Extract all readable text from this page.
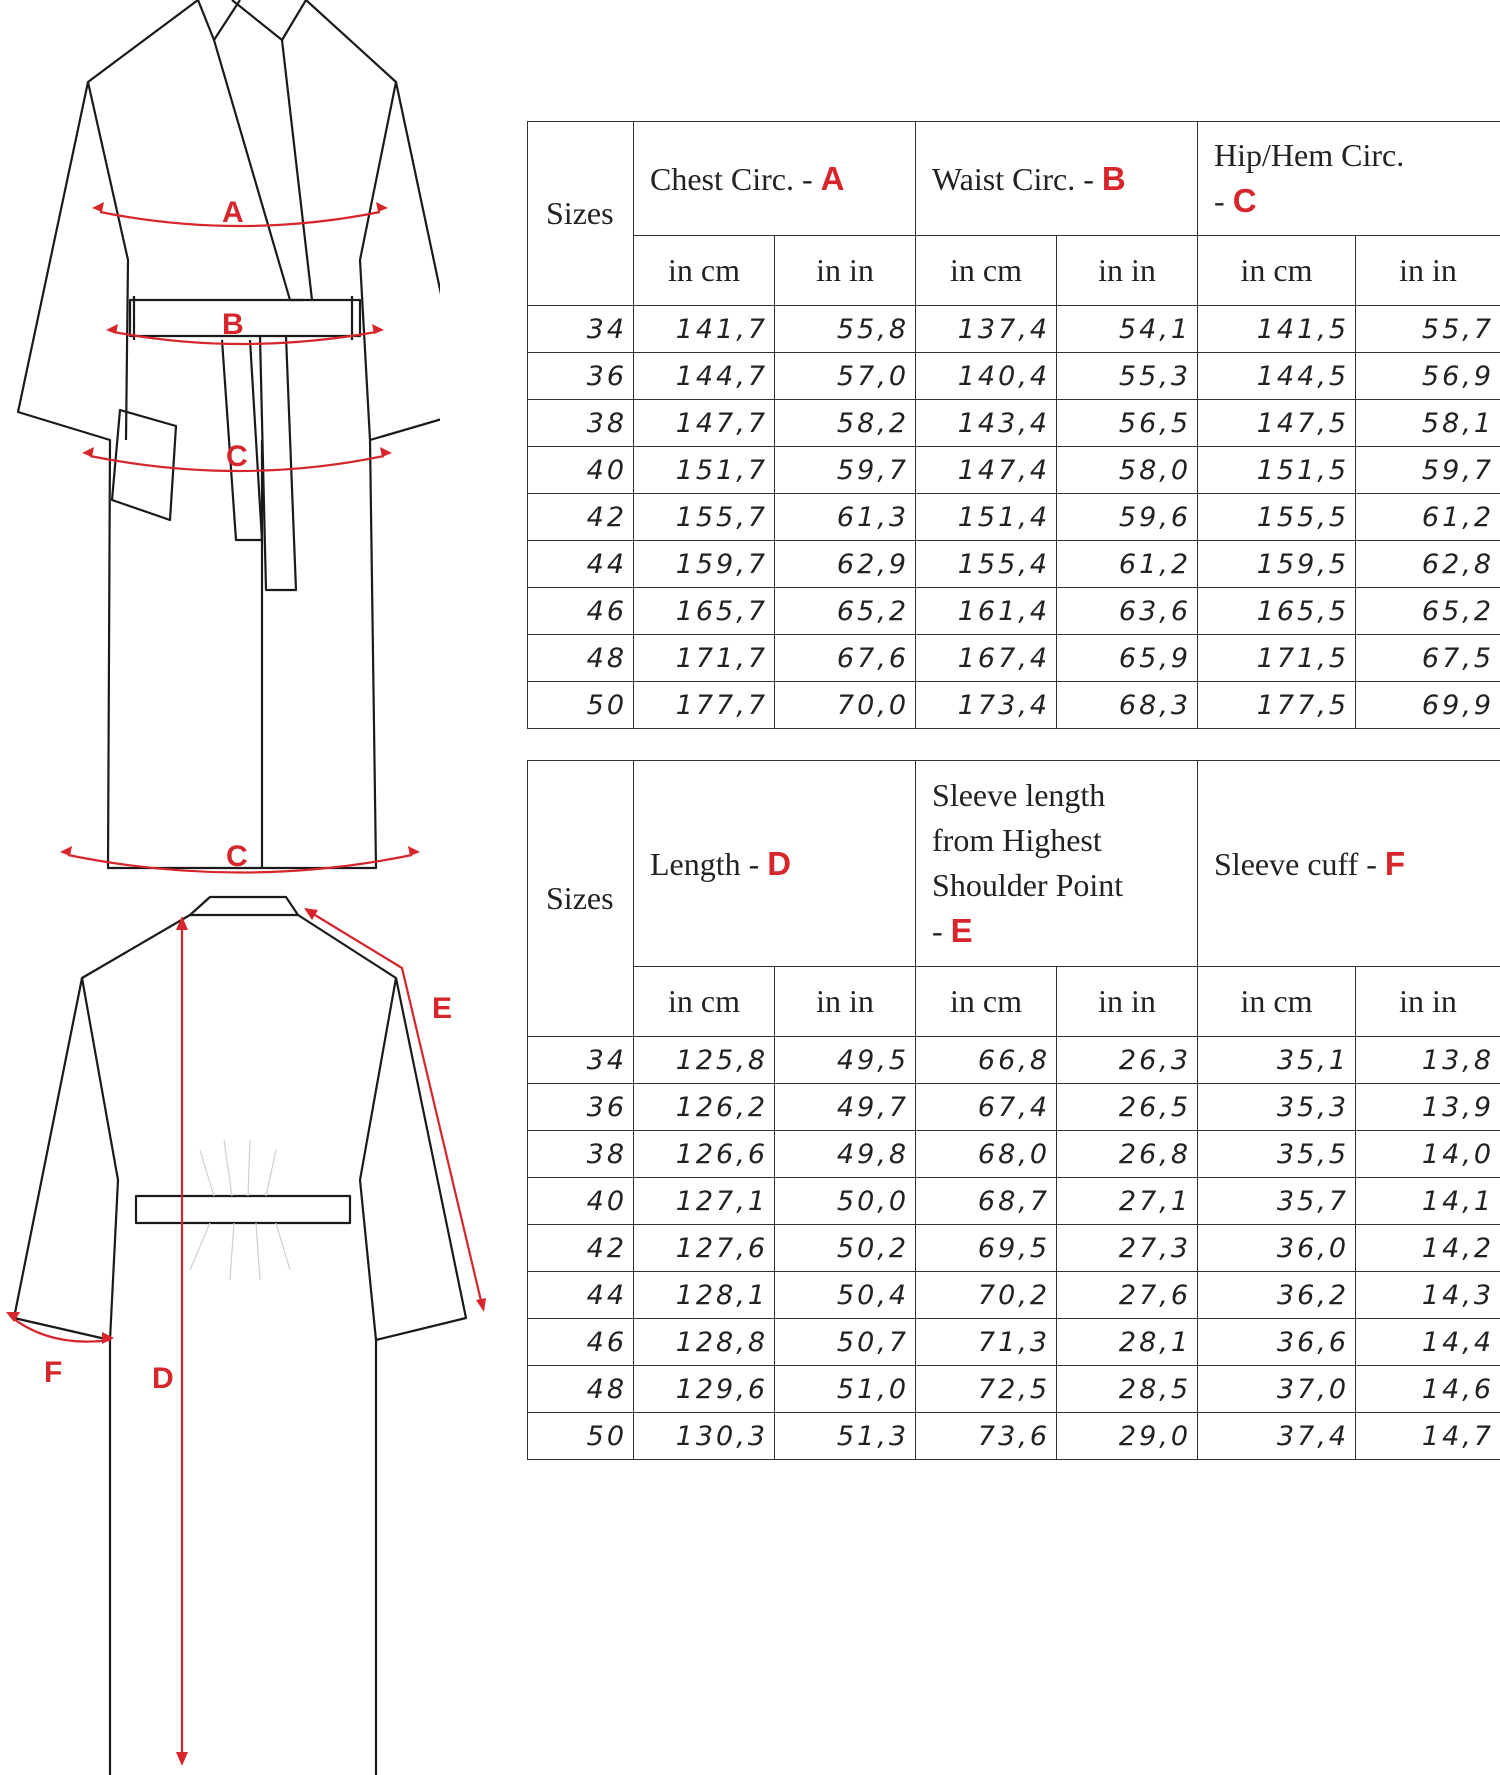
A
B
C
C
E
D
F
Sizes	Chest Circ. - A		Waist Circ. - B		Hip/Hem Circ.
- C	
	in cm	in in	in cm	in in	in cm	in in
34	141,7	55,8	137,4	54,1	141,5	55,7
36	144,7	57,0	140,4	55,3	144,5	56,9
38	147,7	58,2	143,4	56,5	147,5	58,1
40	151,7	59,7	147,4	58,0	151,5	59,7
42	155,7	61,3	151,4	59,6	155,5	61,2
44	159,7	62,9	155,4	61,2	159,5	62,8
46	165,7	65,2	161,4	63,6	165,5	65,2
48	171,7	67,6	167,4	65,9	171,5	67,5
50	177,7	70,0	173,4	68,3	177,5	69,9
Sizes	Length - D		Sleeve length
from Highest
Shoulder Point
- E		Sleeve cuff - F	
	in cm	in in	in cm	in in	in cm	in in
34	125,8	49,5	66,8	26,3	35,1	13,8
36	126,2	49,7	67,4	26,5	35,3	13,9
38	126,6	49,8	68,0	26,8	35,5	14,0
40	127,1	50,0	68,7	27,1	35,7	14,1
42	127,6	50,2	69,5	27,3	36,0	14,2
44	128,1	50,4	70,2	27,6	36,2	14,3
46	128,8	50,7	71,3	28,1	36,6	14,4
48	129,6	51,0	72,5	28,5	37,0	14,6
50	130,3	51,3	73,6	29,0	37,4	14,7
